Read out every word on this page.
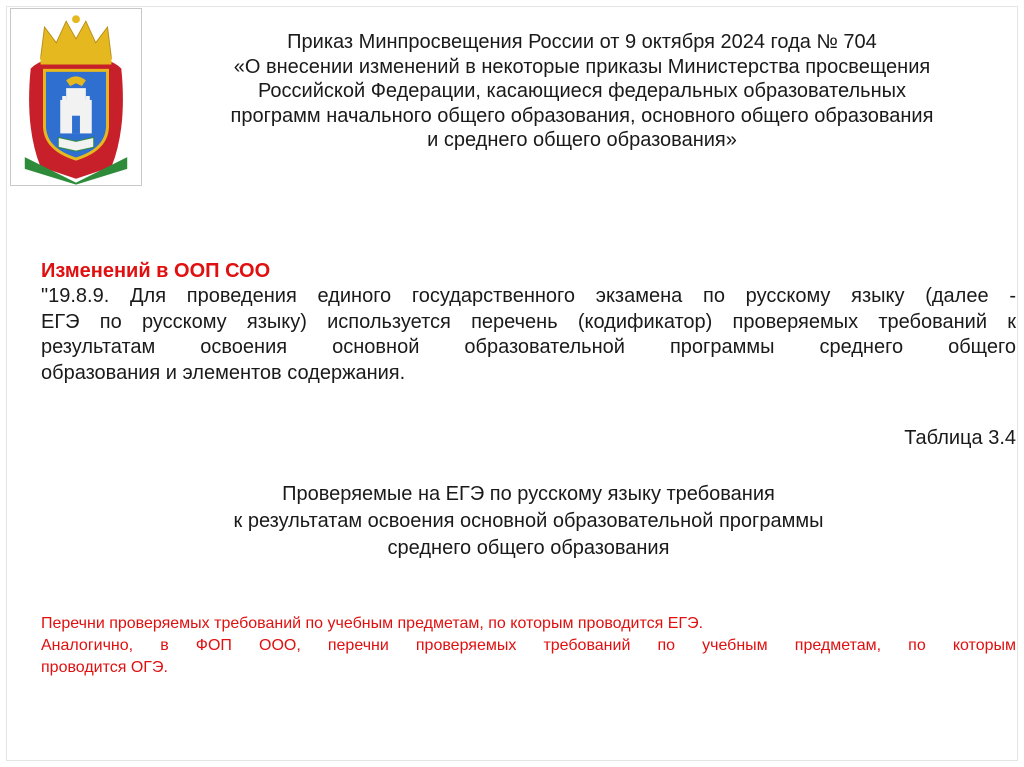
Приказ Минпросвещения России от 9 октября 2024 года № 704
«О внесении изменений в некоторые приказы Министерства просвещения
Российской Федерации, касающиеся федеральных образовательных
программ начального общего образования, основного общего образования
и среднего общего образования»
Изменений в ООП СОО
"19.8.9. Для проведения единого государственного экзамена по русскому языку (далее -
ЕГЭ по русскому языку) используется перечень (кодификатор) проверяемых требований к
результатам освоения основной образовательной программы среднего общего
образования и элементов содержания.
Таблица 3.4
Проверяемые на ЕГЭ по русскому языку требования
к результатам освоения основной образовательной программы
среднего общего образования
Перечни проверяемых требований по учебным предметам, по которым проводится ЕГЭ.
Аналогично, в ФОП ООО, перечни проверяемых требований по учебным предметам, по которым
проводится ОГЭ.
